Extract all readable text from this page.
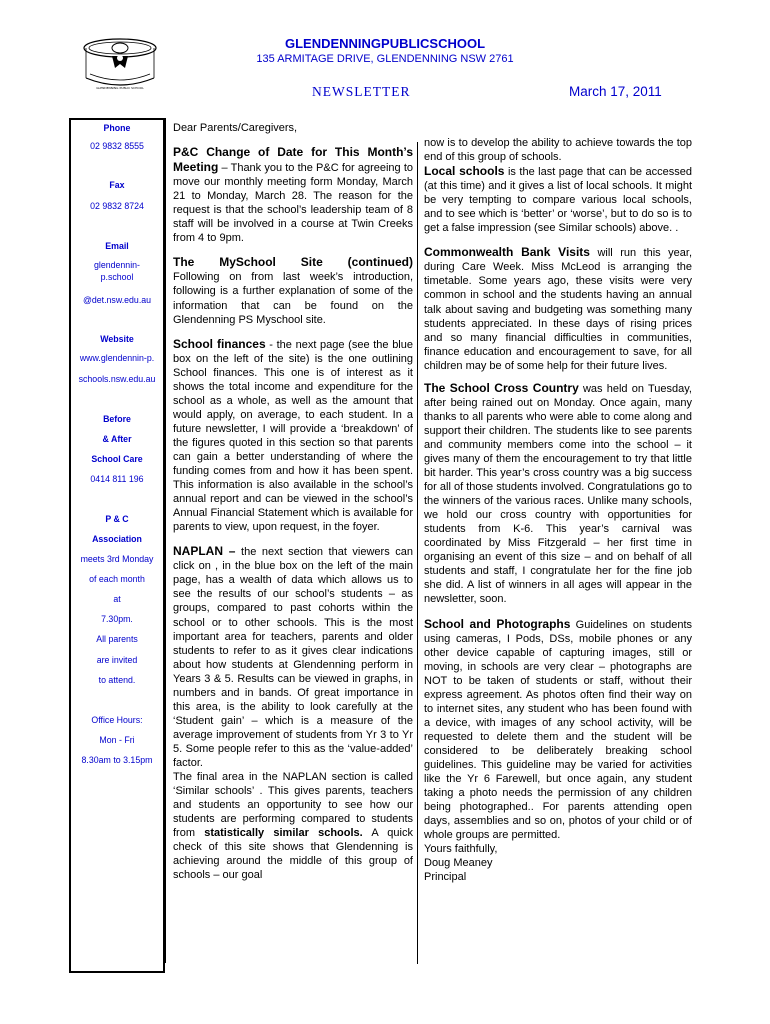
GLENDENNING PUBLIC SCHOOL
GLENDENNINGPUBLICSCHOOL
135 ARMITAGE DRIVE, GLENDENNING NSW 2761
NEWSLETTER	March 17, 2011
Phone
02 9832 8555
Fax
02 9832 8724
Email
glendennin-
p.school
@det.nsw.edu.au
Website
www.glendennin-p.
schools.nsw.edu.au
Before
& After
School Care
0414 811 196
P & C
Association
meets 3rd Monday
of each month
at
7.30pm.
All parents
are invited
to attend.
Office Hours:
Mon - Fri
8.30am to 3.15pm

Dear Parents/Caregivers,

P&C Change of Date for This Month’s Meeting – Thank you to the P&C for agreeing to move our monthly meeting form Monday, March 21 to Monday, March 28. The reason for the request is that the school’s leadership team of 8 staff will be involved in a course at Twin Creeks from 4 to 9pm.

The MySchool Site (continued)

Following on from last week’s introduction, following is a further explanation of some of the information that can be found on the Glendenning PS Myschool site.

School finances - the next page (see the blue box on the left of the site) is the one outlining School finances. This one is of interest as it shows the total income and expenditure for the school as a whole, as well as the amount that would apply, on average, to each student. In a future newsletter, I will provide a ‘breakdown’ of the figures quoted in this section so that parents can gain a better understanding of where the funding comes from and how it has been spent. This information is also available in the school’s annual report and can be viewed in the school’s Annual Financial Statement which is available for parents to view, upon request, in the foyer.

NAPLAN – the next section that viewers can click on , in the blue box on the left of the main page, has a wealth of data which allows us to see the results of our school’s students – as groups, compared to past cohorts within the school or to other schools. This is the most important area for teachers, parents and older students to refer to as it gives clear indications about how students at Glendenning perform in Years 3 & 5. Results can be viewed in graphs, in numbers and in bands. Of great importance in this area, is the ability to look carefully at the ‘Student gain’ – which is a measure of the average improvement of students from Yr 3 to Yr 5. Some people refer to this as the ‘value-added’ factor.

The final area in the NAPLAN section is called ‘Similar schools’ . This gives parents, teachers and students an opportunity to see how our students are performing compared to students from statistically similar schools. A quick check of this site shows that Glendenning is achieving around the middle of this group of schools – our goal

now is to develop the ability to achieve towards the top end of this group of schools.

Local schools is the last page that can be accessed (at this time) and it gives a list of local schools. It might be very tempting to compare various local schools, and to see which is ‘better’ or ‘worse’, but to do so is to get a false impression (see Similar schools) above. .

Commonwealth Bank Visits will run this year, during Care Week. Miss McLeod is arranging the timetable. Some years ago, these visits were very common in school and the students having an annual talk about saving and budgeting was something many students appreciated. In these days of rising prices and so many financial difficulties in communities, finance education and encouragement to save, for all children may be of some help for their future lives.

The School Cross Country was held on Tuesday, after being rained out on Monday. Once again, many thanks to all parents who were able to come along and support their children. The students like to see parents and community members come into the school – it gives many of them the encouragement to try that little bit harder. This year’s cross country was a big success for all of those students involved. Congratulations go to the winners of the various races. Unlike many schools, we hold our cross country with opportunities for students from K-6. This year’s carnival was coordinated by Miss Fitzgerald – her first time in organising an event of this size – and on behalf of all students and staff, I congratulate her for the fine job she did. A list of winners in all ages will appear in the newsletter, soon.

School and Photographs Guidelines on students using cameras, I Pods, DSs, mobile phones or any other device capable of capturing images, still or moving, in schools are very clear – photographs are NOT to be taken of students or staff, without their express agreement. As photos often find their way on to internet sites, any student who has been found with a device, with images of any school activity, will be requested to delete them and the student will be considered to be deliberately breaking school guidelines. This guideline may be varied for activities like the Yr 6 Farewell, but once again, any student taking a photo needs the permission of any children being photographed.. For parents attending open days, assemblies and so on, photos of your child or of whole groups are permitted.

Yours faithfully,

Doug Meaney

Principal
